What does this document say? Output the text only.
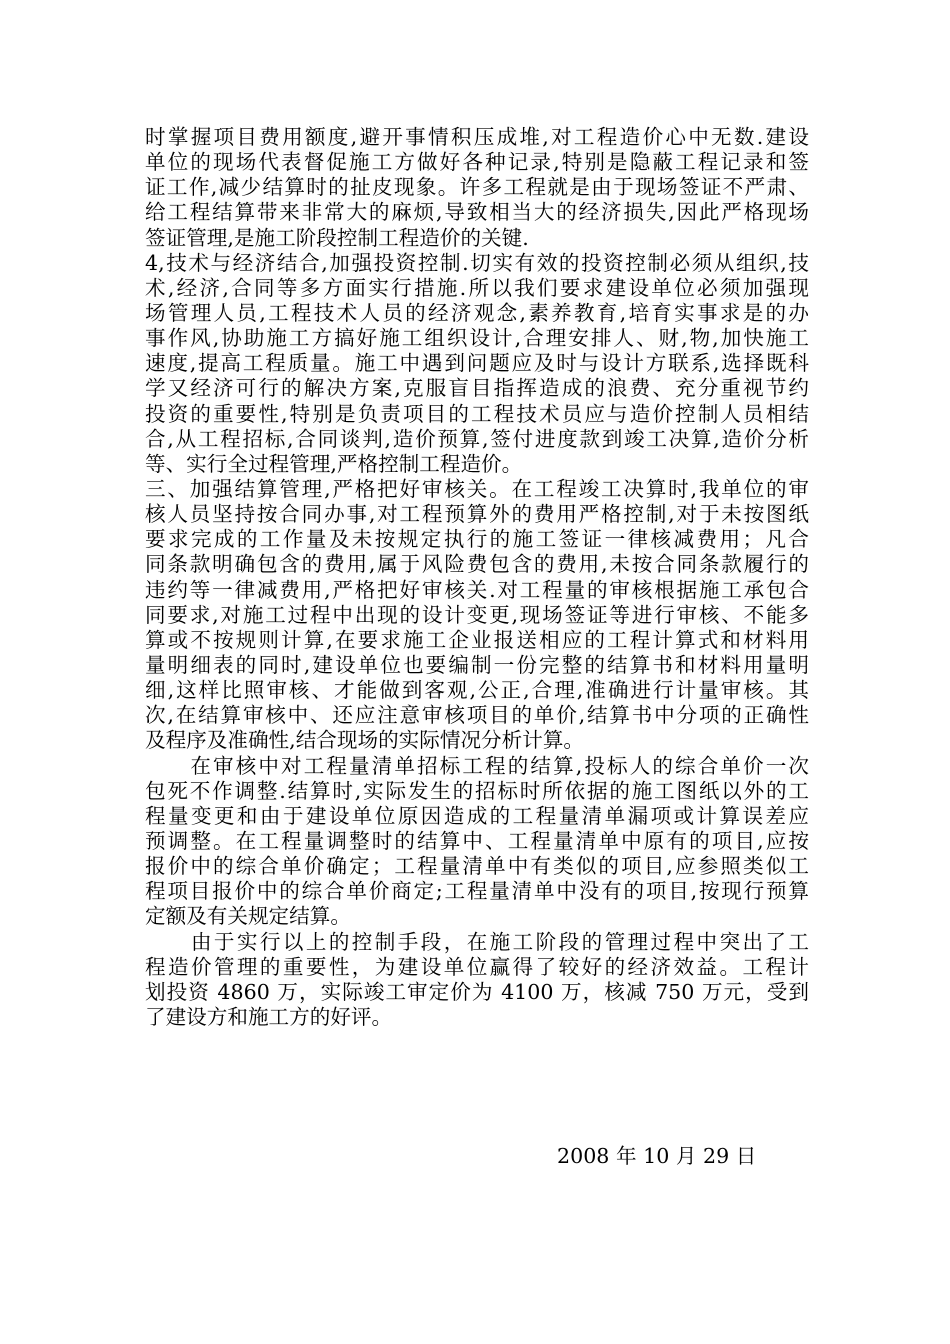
时掌握项目费用额度,避开事情积压成堆,对工程造价心中无数.建设
单位的现场代表督促施工方做好各种记录,特别是隐蔽工程记录和签
证工作,减少结算时的扯皮现象。许多工程就是由于现场签证不严肃、
给工程结算带来非常大的麻烦,导致相当大的经济损失,因此严格现场
签证管理,是施工阶段控制工程造价的关键.
4,技术与经济结合,加强投资控制.切实有效的投资控制必须从组织,技
术,经济,合同等多方面实行措施.所以我们要求建设单位必须加强现
场管理人员,工程技术人员的经济观念,素养教育,培育实事求是的办
事作风,协助施工方搞好施工组织设计,合理安排人、财,物,加快施工
速度,提高工程质量。施工中遇到问题应及时与设计方联系,选择既科
学又经济可行的解决方案,克服盲目指挥造成的浪费、充分重视节约
投资的重要性,特别是负责项目的工程技术员应与造价控制人员相结
合,从工程招标,合同谈判,造价预算,签付进度款到竣工决算,造价分析
等、实行全过程管理,严格控制工程造价。
三、加强结算管理,严格把好审核关。在工程竣工决算时,我单位的审
核人员坚持按合同办事,对工程预算外的费用严格控制,对于未按图纸
要求完成的工作量及未按规定执行的施工签证一律核减费用；凡合
同条款明确包含的费用,属于风险费包含的费用,未按合同条款履行的
违约等一律减费用,严格把好审核关.对工程量的审核根据施工承包合
同要求,对施工过程中出现的设计变更,现场签证等进行审核、不能多
算或不按规则计算,在要求施工企业报送相应的工程计算式和材料用
量明细表的同时,建设单位也要编制一份完整的结算书和材料用量明
细,这样比照审核、才能做到客观,公正,合理,准确进行计量审核。其
次,在结算审核中、还应注意审核项目的单价,结算书中分项的正确性
及程序及准确性,结合现场的实际情况分析计算。
　　在审核中对工程量清单招标工程的结算,投标人的综合单价一次
包死不作调整.结算时,实际发生的招标时所依据的施工图纸以外的工
程量变更和由于建设单位原因造成的工程量清单漏项或计算误差应
预调整。在工程量调整时的结算中、工程量清单中原有的项目,应按
报价中的综合单价确定；工程量清单中有类似的项目,应参照类似工
程项目报价中的综合单价商定;工程量清单中没有的项目,按现行预算
定额及有关规定结算。
　　由于实行以上的控制手段，在施工阶段的管理过程中突出了工
程造价管理的重要性，为建设单位赢得了较好的经济效益。工程计
划投资 4860 万，实际竣工审定价为 4100 万，核减 750 万元，受到
了建设方和施工方的好评。
2008 年 10 月 29 日
